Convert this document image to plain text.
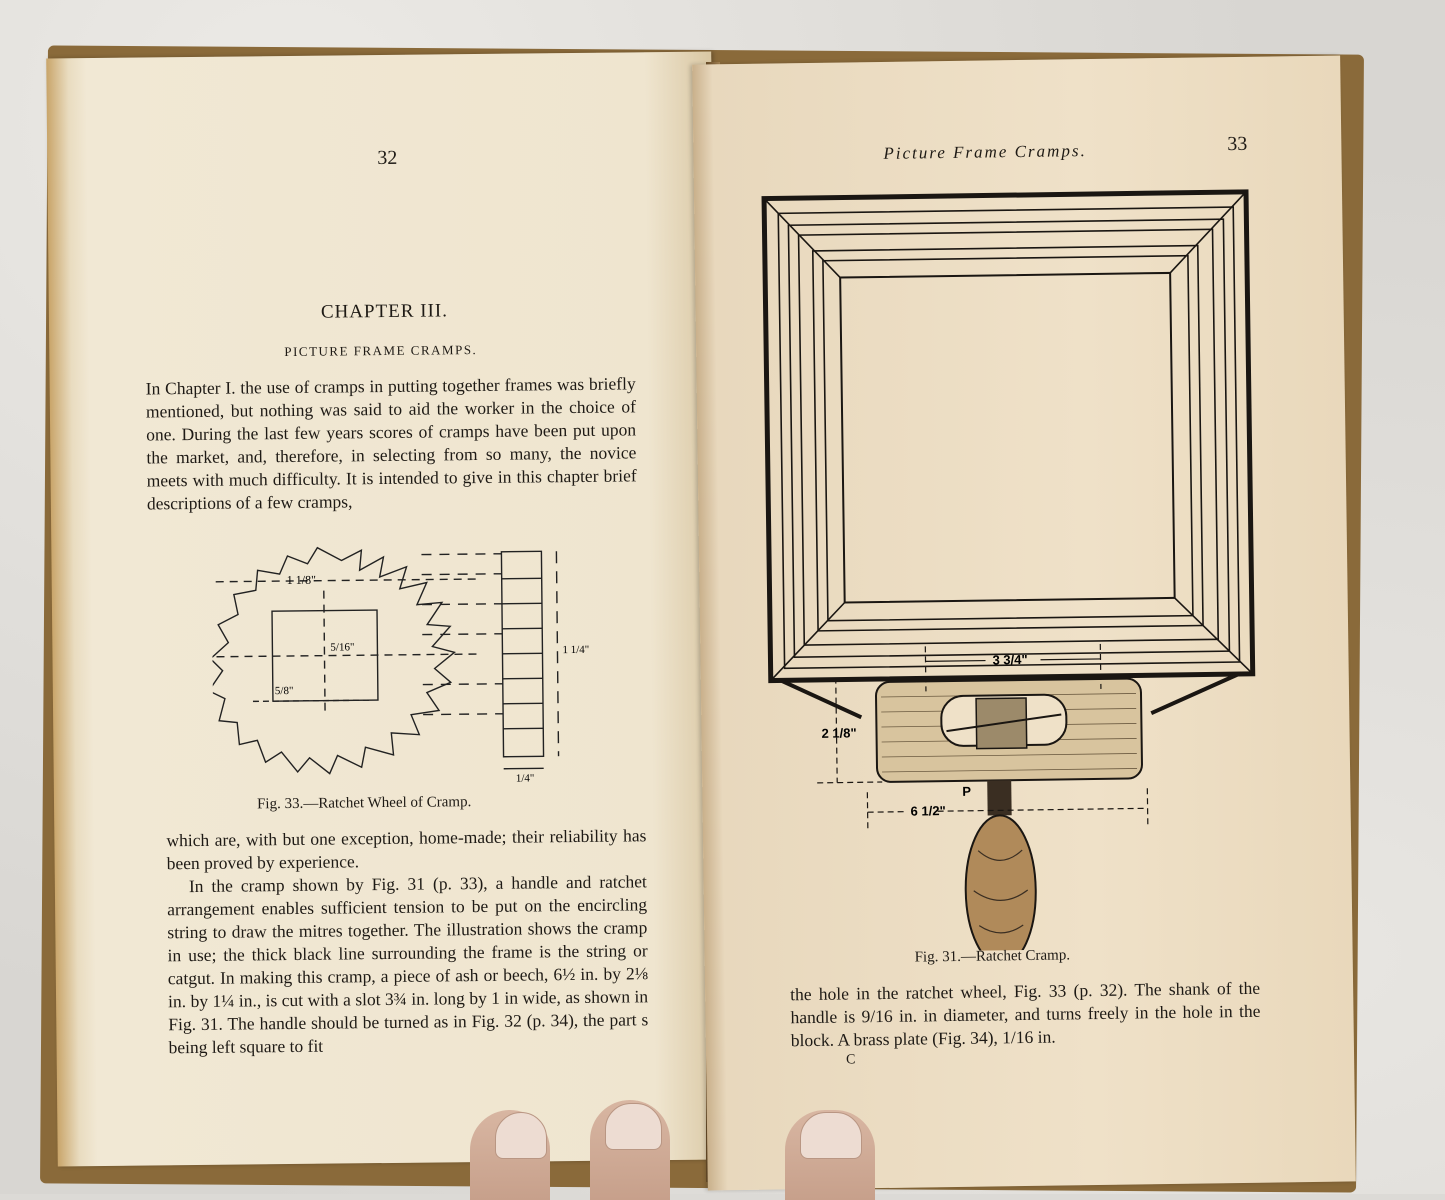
32
CHAPTER III.
PICTURE FRAME CRAMPS.

In Chapter I. the use of cramps in putting together frames was briefly mentioned, but nothing was said to aid the worker in the choice of one. During the last few years scores of cramps have been put upon the market, and, therefore, in selecting from so many, the novice meets with much difficulty. It is intended to give in this chapter brief descriptions of a few cramps,

1 1/8"
5/16"
5/8"
1 1/4"
1/4"
Fig. 33.—Ratchet Wheel of Cramp.

which are, with but one exception, home-made; their reliability has been proved by experience.

In the cramp shown by Fig. 31 (p. 33), a handle and ratchet arrangement enables sufficient tension to be put on the encircling string to draw the mitres together. The illustration shows the cramp in use; the thick black line surrounding the frame is the string or catgut. In making this cramp, a piece of ash or beech, 6½ in. by 2⅛ in. by 1¼ in., is cut with a slot 3¾ in. long by 1 in wide, as shown in Fig. 31. The handle should be turned as in Fig. 32 (p. 34), the part s being left square to fit

Picture Frame Cramps.	33
3 3/4"
2 1/8"
P
6 1/2"
Fig. 31.—Ratchet Cramp.

the hole in the ratchet wheel, Fig. 33 (p. 32). The shank of the handle is 9/16 in. in diameter, and turns freely in the hole in the block. A brass plate (Fig. 34), 1/16 in.

C
